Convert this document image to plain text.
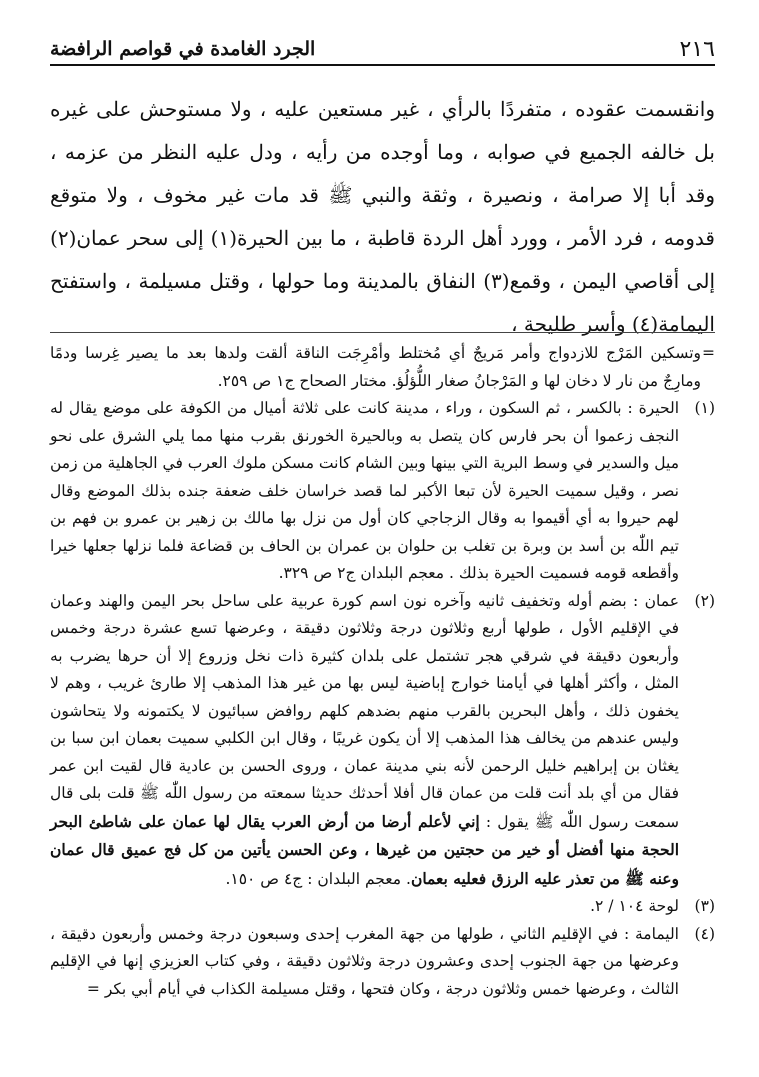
٢١٦
الجرد الغامدة في قواصم الرافضة

وانقسمت عقوده ، متفردًا بالرأي ، غير مستعين عليه ، ولا مستوحش على غيره بل خالفه الجميع في صوابه ، وما أوجده من رأيه ، ودل عليه النظر من عزمه ، وقد أبا إلا صرامة ، ونصيرة ، وثقة والنبي ﷺ قد مات غير مخوف ، ولا متوقع قدومه ، فرد الأمر ، وورد أهل الردة قاطبة ، ما بين الحيرة(١) إلى سحر عمان(٢) إلى أقاصي اليمن ، وقمع(٣) النفاق بالمدينة وما حولها ، وقتل مسيلمة ، واستفتح اليمامة(٤) وأسر طليحة ،

=
وتسكين المَرْج للازدواج وأمر مَريجٌ أي مُختلط وأمْرِجَت الناقة ألقت ولدها بعد ما يصير غِرسا ودمًا ومارِجٌ من نار لا دخان لها و المَرْجانُ صغار اللُّؤلُؤ. مختار الصحاح ج١ ص ٢٥٩.
(١)
الحيرة : بالكسر ، ثم السكون ، وراء ، مدينة كانت على ثلاثة أميال من الكوفة على موضع يقال له النجف زعموا أن بحر فارس كان يتصل به وبالحيرة الخورنق بقرب منها مما يلي الشرق على نحو ميل والسدير في وسط البرية التي بينها وبين الشام كانت مسكن ملوك العرب في الجاهلية من زمن نصر ، وقيل سميت الحيرة لأن تبعا الأكبر لما قصد خراسان خلف ضعفة جنده بذلك الموضع وقال لهم حيروا به أي أقيموا به وقال الزجاجي كان أول من نزل بها مالك بن زهير بن عمرو بن فهم بن تيم اللّٰه بن أسد بن وبرة بن تغلب بن حلوان بن عمران بن الحاف بن قضاعة فلما نزلها جعلها خيرا وأقطعه قومه فسميت الحيرة بذلك . معجم البلدان ج٢ ص ٣٢٩.
(٢)
عمان : بضم أوله وتخفيف ثانيه وآخره نون اسم كورة عربية على ساحل بحر اليمن والهند وعمان في الإقليم الأول ، طولها أربع وثلاثون درجة وثلاثون دقيقة ، وعرضها تسع عشرة درجة وخمس وأربعون دقيقة في شرقي هجر تشتمل على بلدان كثيرة ذات نخل وزروع إلا أن حرها يضرب به المثل ، وأكثر أهلها في أيامنا خوارج إباضية ليس بها من غير هذا المذهب إلا طارئ غريب ، وهم لا يخفون ذلك ، وأهل البحرين بالقرب منهم بضدهم كلهم روافض سبائيون لا يكتمونه ولا يتحاشون وليس عندهم من يخالف هذا المذهب إلا أن يكون غريبًا ، وقال ابن الكلبي سميت بعمان ابن سبا بن يغثان بن إبراهيم خليل الرحمن لأنه بني مدينة عمان ، وروى الحسن بن عادية قال لقيت ابن عمر فقال من أي بلد أنت قلت من عمان قال أفلا أحدثك حديثا سمعته من رسول اللّٰه ﷺ قلت بلى قال سمعت رسول اللّٰه ﷺ يقول : إني لأعلم أرضا من أرض العرب يقال لها عمان على شاطئ البحر الحجة منها أفضل أو خير من حجتين من غيرها ، وعن الحسن يأتين من كل فج عميق قال عمان وعنه ﷺ من تعذر عليه الرزق فعليه بعمان. معجم البلدان : ج٤ ص ١٥٠.
(٣)
لوحة ١٠٤ / ٢.
(٤)
اليمامة : في الإقليم الثاني ، طولها من جهة المغرب إحدى وسبعون درجة وخمس وأربعون دقيقة ، وعرضها من جهة الجنوب إحدى وعشرون درجة وثلاثون دقيقة ، وفي كتاب العزيزي إنها في الإقليم الثالث ، وعرضها خمس وثلاثون درجة ، وكان فتحها ، وقتل مسيلمة الكذاب في أيام أبي بكر =
